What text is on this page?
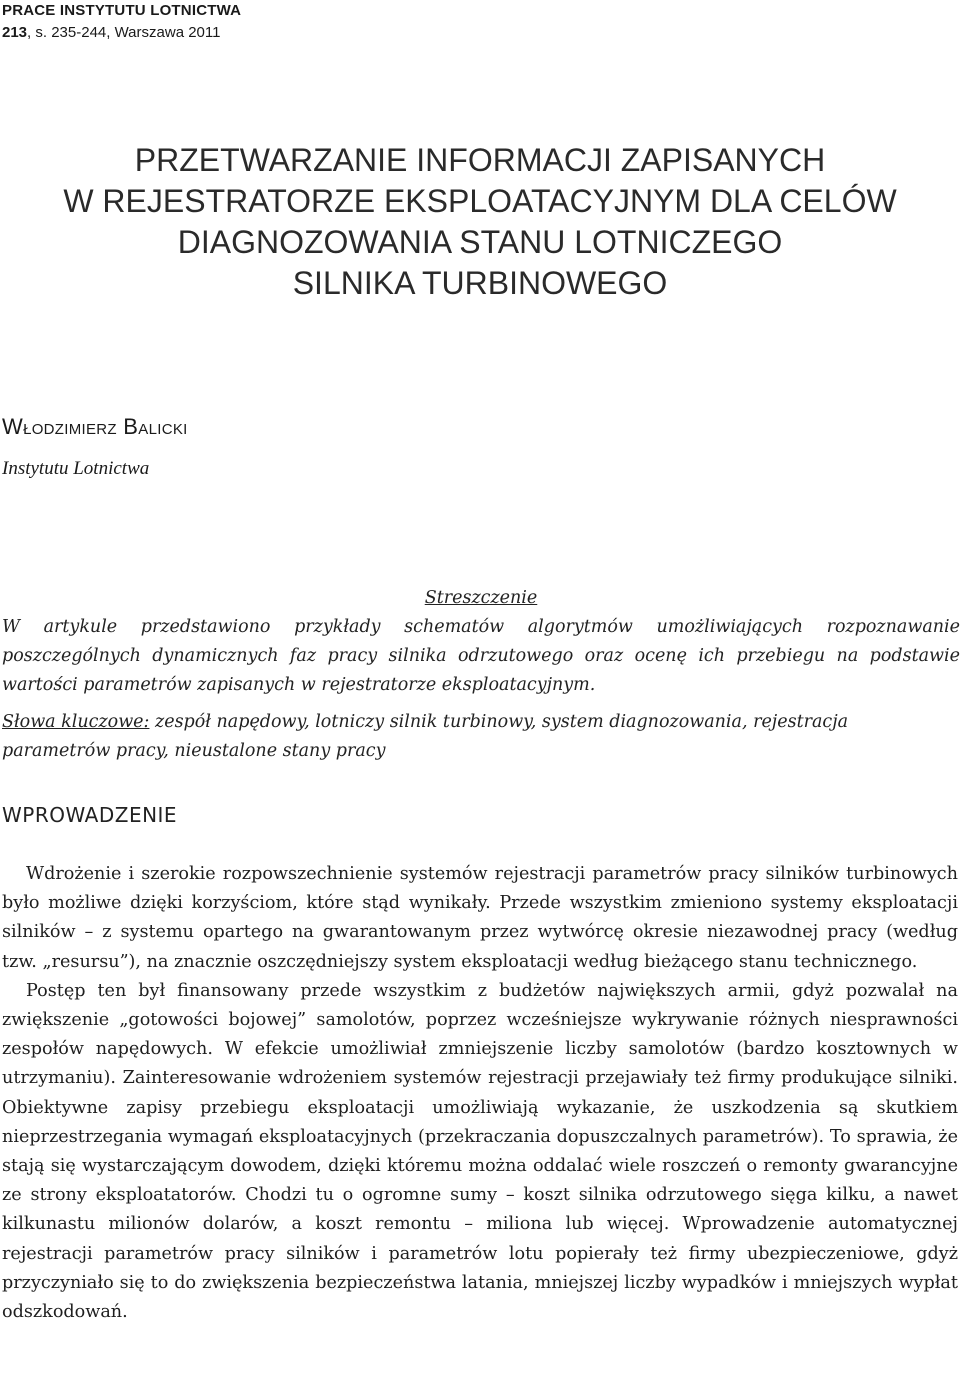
PRACE INSTYTUTU LOTNICTWA
213, s. 235-244, Warszawa 2011
PRZETWARZANIE INFORMACJI ZAPISANYCH
W REJESTRATORZE EKSPLOATACYJNYM DLA CELÓW
DIAGNOZOWANIA STANU LOTNICZEGO
SILNIKA TURBINOWEGO
Włodzimierz Balicki
Instytutu Lotnictwa
Streszczenie

W artykule przedstawiono przykłady schematów algorytmów umożliwiających rozpoznawanie poszczególnych dynamicznych faz pracy silnika odrzutowego oraz ocenę ich przebiegu na podstawie wartości parametrów zapisanych w rejestratorze eksploatacyjnym.

Słowa kluczowe: zespół napędowy, lotniczy silnik turbinowy, system diagnozowania, rejestracja parametrów pracy, nieustalone stany pracy
WPROWADZENIE

Wdrożenie i szerokie rozpowszechnienie systemów rejestracji parametrów pracy silników turbinowych było możliwe dzięki korzyściom, które stąd wynikały. Przede wszystkim zmieniono systemy eksploatacji silników – z systemu opartego na gwarantowanym przez wytwórcę okresie niezawodnej pracy (według tzw. „resursu”), na znacznie oszczędniejszy system eksploatacji według bieżącego stanu technicznego.

Postęp ten był finansowany przede wszystkim z budżetów największych armii, gdyż pozwalał na zwiększenie „gotowości bojowej” samolotów, poprzez wcześniejsze wykrywanie różnych niesprawności zespołów napędowych. W efekcie umożliwiał zmniejszenie liczby samolotów (bardzo kosztownych w utrzymaniu). Zainteresowanie wdrożeniem systemów rejestracji przejawiały też firmy produkujące silniki. Obiektywne zapisy przebiegu eksploatacji umożliwiają wykazanie, że uszkodzenia są skutkiem nieprzestrzegania wymagań eksploatacyjnych (przekraczania dopuszczalnych parametrów). To sprawia, że stają się wystarczającym dowodem, dzięki któremu można oddalać wiele roszczeń o remonty gwarancyjne ze strony eksploatatorów. Chodzi tu o ogromne sumy – koszt silnika odrzutowego sięga kilku, a nawet kilkunastu milionów dolarów, a koszt remontu – miliona lub więcej. Wprowadzenie automatycznej rejestracji parametrów pracy silników i parametrów lotu popierały też firmy ubezpieczeniowe, gdyż przyczyniało się to do zwiększenia bezpieczeństwa latania, mniejszej liczby wypadków i mniejszych wypłat odszkodowań.
